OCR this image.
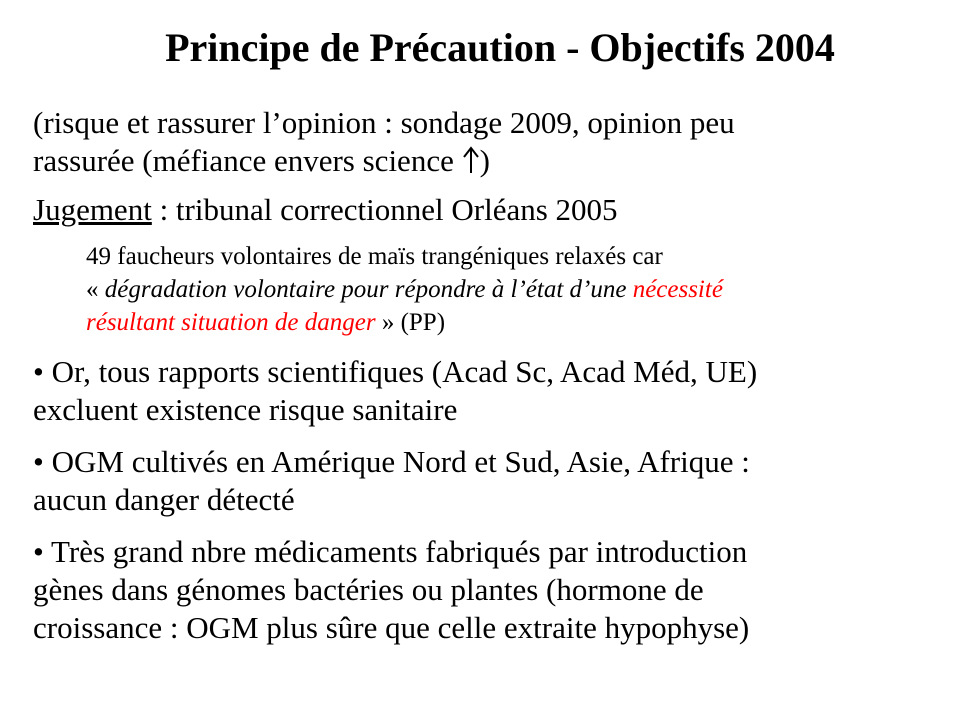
Principe de Précaution - Objectifs 2004
(risque et rassurer l’opinion : sondage 2009, opinion peu
rassurée (méfiance envers science
)
Jugement : tribunal correctionnel Orléans 2005
49 faucheurs volontaires de maïs trangéniques relaxés car
« dégradation volontaire pour répondre à l’état d’une nécessité
résultant situation de danger » (PP)
• Or, tous rapports scientifiques (Acad Sc, Acad Méd, UE)
excluent existence risque sanitaire
• OGM cultivés en Amérique Nord et Sud, Asie, Afrique :
aucun danger détecté
• Très grand nbre médicaments fabriqués par introduction
gènes dans génomes bactéries ou plantes (hormone de
croissance : OGM plus sûre que celle extraite hypophyse)
